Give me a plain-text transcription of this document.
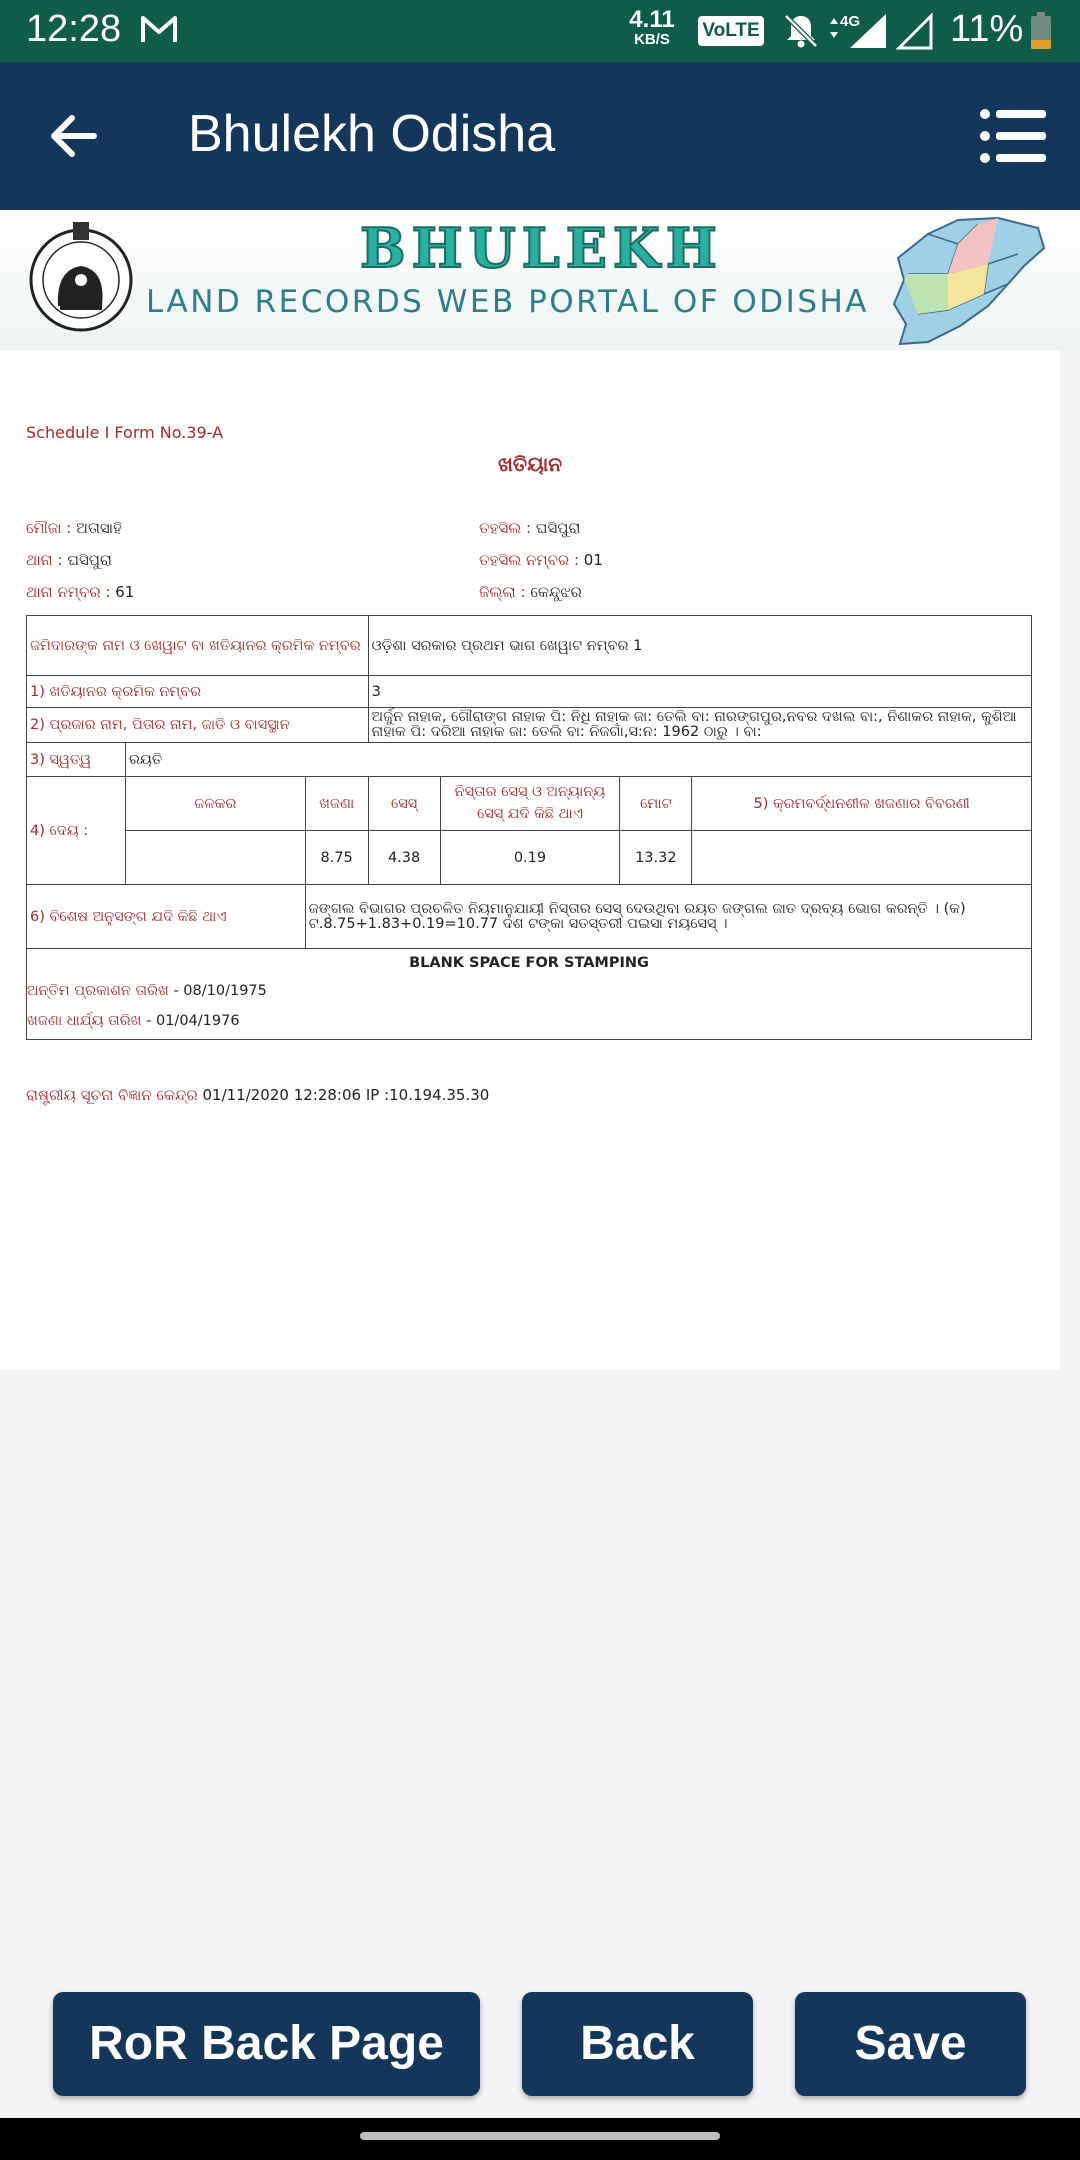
12:28	4.11
KB/S	VoLTE	4G 11%
Bhulekh Odisha
BHULEKH
LAND RECORDS WEB PORTAL OF ODISHA
Schedule I Form No.39-A
ଖତିୟାନ
ମୌଜା : ଅତାସାହି
ଥାନା : ଘସିପୁରା
ଥାନା ନମ୍ବର : 61
ତହସିଲ : ଘସିପୁରା
ତହସିଲ ନମ୍ବର : 01
ଜିଲ୍ଲା : କେନ୍ଦୁଝର
ଜମିଦାରଙ୍କ ନାମ ଓ ଖେୱାଟ ବା ଖତିୟାନର କ୍ରମିକ ନମ୍ବର			ଓଡ଼ିଶା ସରକାର ପ୍ରଥମ ଭାଗ ଖେୱାଟ ନମ୍ବର 1			
1) ଖତିୟାନର କ୍ରମିକ ନମ୍ବର			3			
2) ପ୍ରଜାର ନାମ, ପିତାର ନାମ, ଜାତି ଓ ବାସସ୍ଥାନ			ଅର୍ଜୁନ ନାହାକ, ଗୌରାଙ୍ଗ ନାହାକ ପି: ନିଧି ନାହାକ ଜା: ତେଲି ବା: ନାରଙ୍ଗପୁର,ନବର ଦଖଲ ବା:, ନିଶାକର ନାହାକ, କୁଶିଆ ନାହାକ ପି: ଦରିଆ ନାହାକ ଜା: ତେଲି ବା: ନିଜଗାଁ,ସ:ନ: 1962 ଠାରୁ । ବା:			
3) ସ୍ୱତ୍ୱ	ରୟତି					
4) ଦେୟ :	ଜଳକର	ଖଜଣା	ସେସ୍	ନିସ୍ତାର ସେସ୍ ଓ ଅନ୍ୟାନ୍ୟ ସେସ୍ ଯଦି କିଛି ଥାଏ	ମୋଟ	5) କ୍ରମବର୍ଦ୍ଧନଶୀଳ ଖଜଣାର ବିବରଣୀ
		8.75	4.38	0.19	13.32	
6) ବିଶେଷ ଅନୁସଙ୍ଗ ଯଦି କିଛି ଥାଏ		ଜଙ୍ଗଲ ବିଭାଗର ପ୍ରଚଳିତ ନିୟମାନୁଯାୟୀ ନିସ୍ତାର ସେସ୍ ଦେଉଥିବା ରୟତ ଜଙ୍ଗଲ ଜାତ ଦ୍ରବ୍ୟ ଭୋଗ କରନ୍ତି । (କ) ଟ.8.75+1.83+0.19=10.77 ଦଶ ଟଙ୍କା ସତସ୍ତରୀ ପଇସା ମୟସେସ୍ ।				

BLANK SPACE FOR STAMPING
ଅନ୍ତିମ ପ୍ରକାଶନ ତାରିଖ - 08/10/1975
ଖଜଣା ଧାର୍ଯ୍ୟ ତାରିଖ - 01/04/1976						
ରାଷ୍ଟ୍ରୀୟ ସୂଚନା ବିଜ୍ଞାନ କେନ୍ଦ୍ର 01/11/2020 12:28:06 IP :10.194.35.30
RoR Back Page	Back	Save
